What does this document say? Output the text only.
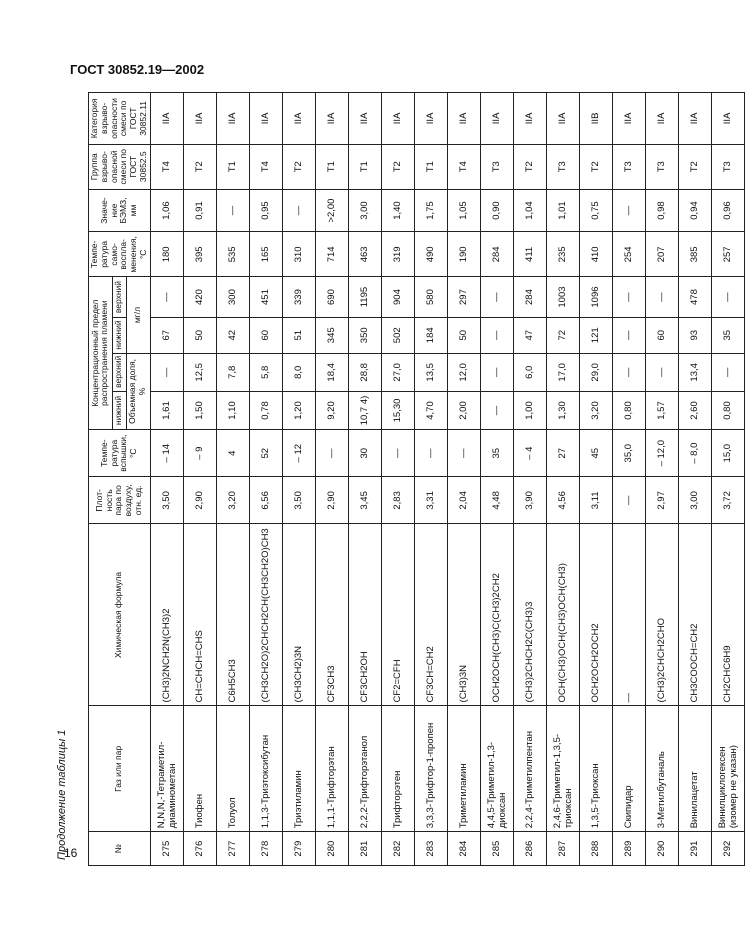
ГОСТ 30852.19—2002
Продолжение таблицы 1	№	Газ или пар	Химическая формула	Плот-ность пара по воздуху, отн. ед.	Темпе-ратура вспышки, °С	Концентрационный предел распространения пламени				Темпе-ратура само-воспла-менения, °С	Значе-ние БЭМЗ, мм	Группа взрыво-опасной смеси по ГОСТ 30852.5	Категория взрыво-опасности смеси по ГОСТ 30852.11
					нижний	верхний	нижний	верхний				
					Объемная доля, %		мг/л					
275	N,N,N,-Тетраметил-диаминометан	(CH3)2NCH2N(CH3)2	3,50	– 14	1,61	—	67	—	180	1,06	T4	IIA
276	Тиофен	CH=CHCH=CHS	2,90	– 9	1,50	12,5	50	420	395	0,91	T2	IIA
277	Толуол	C6H5CH3	3,20	4	1,10	7,8	42	300	535	—	T1	IIA
278	1,1,3-Триэтоксибутан	(CH3CH2O)2CHCH2CH(CH3CH2O)CH3	6,56	52	0,78	5,8	60	451	165	0,95	T4	IIA
279	Триэтиламин	(CH3CH2)3N	3,50	– 12	1,20	8,0	51	339	310	—	T2	IIA
280	1,1,1-Трифторэтан	CF3CH3	2,90	—	9,20	18,4	345	690	714	>2,00	T1	IIA
281	2,2,2-Трифторэтанол	CF3CH2OH	3,45	30	10,7 4)	28,8	350	1195	463	3,00	T1	IIA
282	Трифторэтен	CF2=CFH	2,83	—	15,30	27,0	502	904	319	1,40	T2	IIA
283	3,3,3-Трифтор-1-пропен	CF3CH=CH2	3,31	—	4,70	13,5	184	580	490	1,75	T1	IIA
284	Триметиламин	(CH3)3N	2,04	—	2,00	12,0	50	297	190	1,05	T4	IIA
285	4,4,5-Триметил-1,3-диоксан	OCH2OCH(CH3)C(CH3)2CH2	4,48	35	—	—	—	—	284	0,90	T3	IIA
286	2,2,4-Триметилпентан	(CH3)2CHCH2C(CH3)3	3,90	– 4	1,00	6,0	47	284	411	1,04	T2	IIA
287	2,4,6-Триметил-1,3,5-триоксан	OCH(CH3)OCH(CH3)OCH(CH3)	4,56	27	1,30	17,0	72	1003	235	1,01	T3	IIA
288	1,3,5-Триоксан	OCH2OCH2OCH2	3,11	45	3,20	29,0	121	1096	410	0,75	T2	IIB
289	Скипидар	—	—	35,0	0,80	—	—	—	254	—	T3	IIA
290	3-Метилбутаналь	(CH3)2CHCH2CHO	2,97	– 12,0	1,57	—	60	—	207	0,98	T3	IIA
291	Винилацетат	CH3COOCH=CH2	3,00	– 8,0	2,60	13,4	93	478	385	0,94	T2	IIA
292	Винилциклогексен (изомер не указан)	CH2CHC6H9	3,72	15,0	0,80	—	35	—	257	0,96	T3	IIA
16
